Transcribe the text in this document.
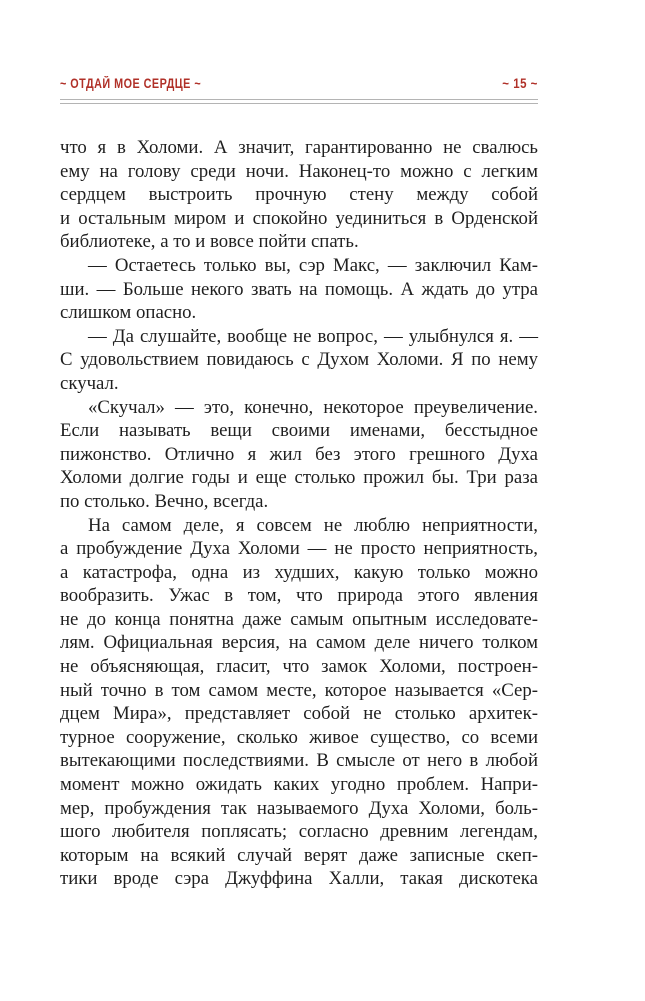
~ ОТДАЙ МОЕ СЕРДЦЕ ~	~ 15 ~
что я в Холоми. А значит, гарантированно не свалюсь
ему на голову среди ночи. Наконец-то можно с легким
сердцем выстроить прочную стену между собой
и остальным миром и спокойно уединиться в Орденской
библиотеке, а то и вовсе пойти спать.
— Остаетесь только вы, сэр Макс, — заключил Кам-
ши. — Больше некого звать на помощь. А ждать до утра
слишком опасно.
— Да слушайте, вообще не вопрос, — улыбнулся я. —
С удовольствием повидаюсь с Духом Холоми. Я по нему
скучал.
«Скучал» — это, конечно, некоторое преувеличение.
Если называть вещи своими именами, бесстыдное
пижонство. Отлично я жил без этого грешного Духа
Холоми долгие годы и еще столько прожил бы. Три раза
по столько. Вечно, всегда.
На самом деле, я совсем не люблю неприятности,
а пробуждение Духа Холоми — не просто неприятность,
а катастрофа, одна из худших, какую только можно
вообразить. Ужас в том, что природа этого явления
не до конца понятна даже самым опытным исследовате-
лям. Официальная версия, на самом деле ничего толком
не объясняющая, гласит, что замок Холоми, построен-
ный точно в том самом месте, которое называется «Сер-
дцем Мира», представляет собой не столько архитек-
турное сооружение, сколько живое существо, со всеми
вытекающими последствиями. В смысле от него в любой
момент можно ожидать каких угодно проблем. Напри-
мер, пробуждения так называемого Духа Холоми, боль-
шого любителя поплясать; согласно древним легендам,
которым на всякий случай верят даже записные скеп-
тики вроде сэра Джуффина Халли, такая дискотека
